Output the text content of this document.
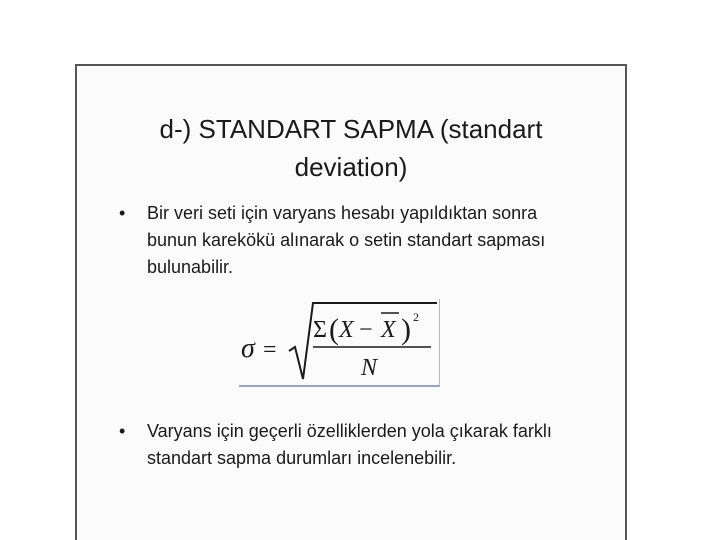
d-) STANDART SAPMA (standart
deviation)
•	Bir veri seti için varyans hesabı yapıldıktan sonra bunun karekökü alınarak o setin standart sapması bulunabilir.
σ =
Σ ( X − X ) 2
N
•	Varyans için geçerli özelliklerden yola çıkarak farklı standart sapma durumları incelenebilir.
